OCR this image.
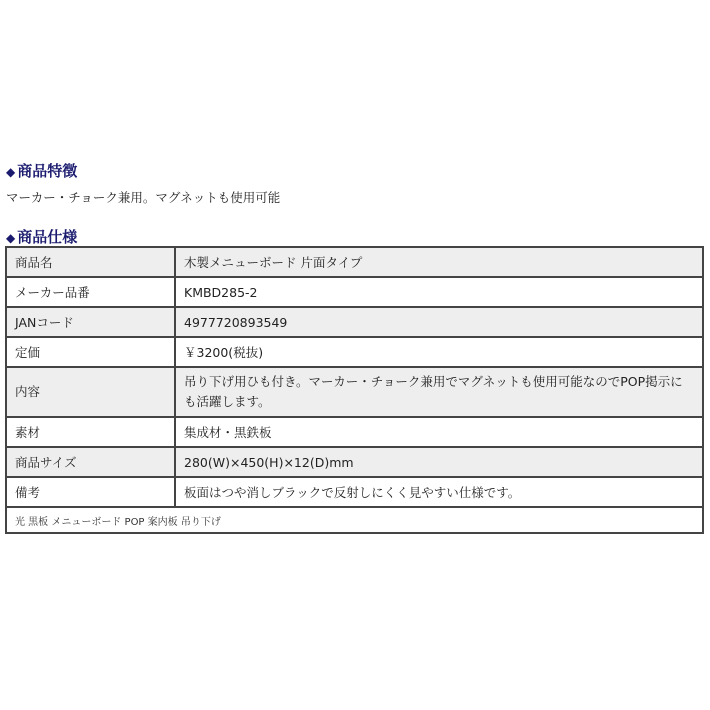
◆ 商品特徴
マーカー・チョーク兼用。マグネットも使用可能
◆ 商品仕様
商品名	木製メニューボード 片面タイプ
メーカー品番	KMBD285-2
JANコード	4977720893549
定価	￥3200(税抜)
内容	吊り下げ用ひも付き。マーカー・チョーク兼用でマグネットも使用可能なのでPOP掲示にも活躍します。
素材	集成材・黒鉄板
商品サイズ	280(W)×450(H)×12(D)mm
備考	板面はつや消しブラックで反射しにくく見やすい仕様です。
光 黒板 メニューボード POP 案内板 吊り下げ	
